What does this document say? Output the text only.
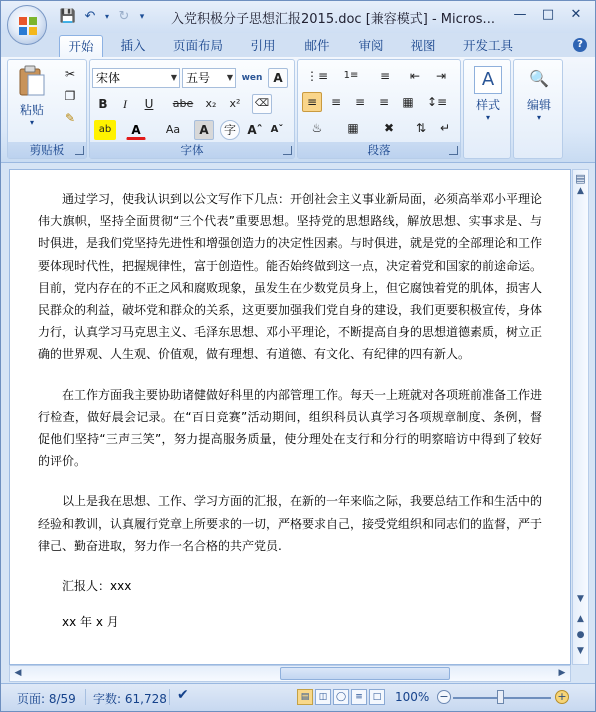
💾 ↶	▾ ↻	▾ 入党积极分子思想汇报2015.doc [兼容模式] - Micros...	—	□	✕
开始	插入	页面布局	引用	邮件	审阅	视图	开发工具	?
粘贴
▾
✂
❐
✎
剪贴板
宋体	▼ 五号 ▼ wen A
B	I	U	abe	x₂	x²	⌫
ab	A	Aa	A	字 Aˆ Aˇ
字体
⋮≡	1≡	≡	⇤	⇥
≡	≡	≡	≡	▦	↕≡
♨	▦	✖	⇅	↵
段落
A
样式
▾
🔍
编辑
▾

通过学习，使我认识到以公文写作下几点：开创社会主义事业新局面，必须高举邓小平理论伟大旗帜，坚持全面贯彻“三个代表”重要思想。坚持党的思想路线，解放思想、实事求是、与时俱进，是我们党坚持先进性和增强创造力的决定性因素。与时俱进，就是党的全部理论和工作要体现时代性，把握规律性，富于创造性。能否始终做到这一点，决定着党和国家的前途命运。目前，党内存在的不正之风和腐败现象，虽发生在少数党员身上，但它腐蚀着党的肌体，损害人民群众的利益，破坏党和群众的关系，这更要加强我们党自身的建设，我们更要积极宣传，身体力行，认真学习马克思主义、毛泽东思想、邓小平理论，不断提高自身的思想道德素质，树立正确的世界观、人生观、价值观，做有理想、有道德、有文化、有纪律的四有新人。

在工作方面我主要协助诸健做好科里的内部管理工作。每天一上班就对各项班前准备工作进行检查，做好晨会记录。在“百日竞赛”活动期间，组织科员认真学习各项规章制度、条例，督促他们坚持“三声三笑”，努力提高服务质量，使分理处在支行和分行的明察暗访中得到了较好的评价。

以上是我在思想、工作、学习方面的汇报，在新的一年来临之际，我要总结工作和生活中的经验和教训，认真履行党章上所要求的一切，严格要求自己，接受党组织和同志们的监督，严于律己、勤奋进取，努力作一名合格的共产党员.

汇报人：xxx

xx 年 x 月

▤
▲
▼
▲
●
▼
◀	▶
页面: 8/59 字数: 61,728 ✔	▤	◫ ◯	≡	□	100% −	+
